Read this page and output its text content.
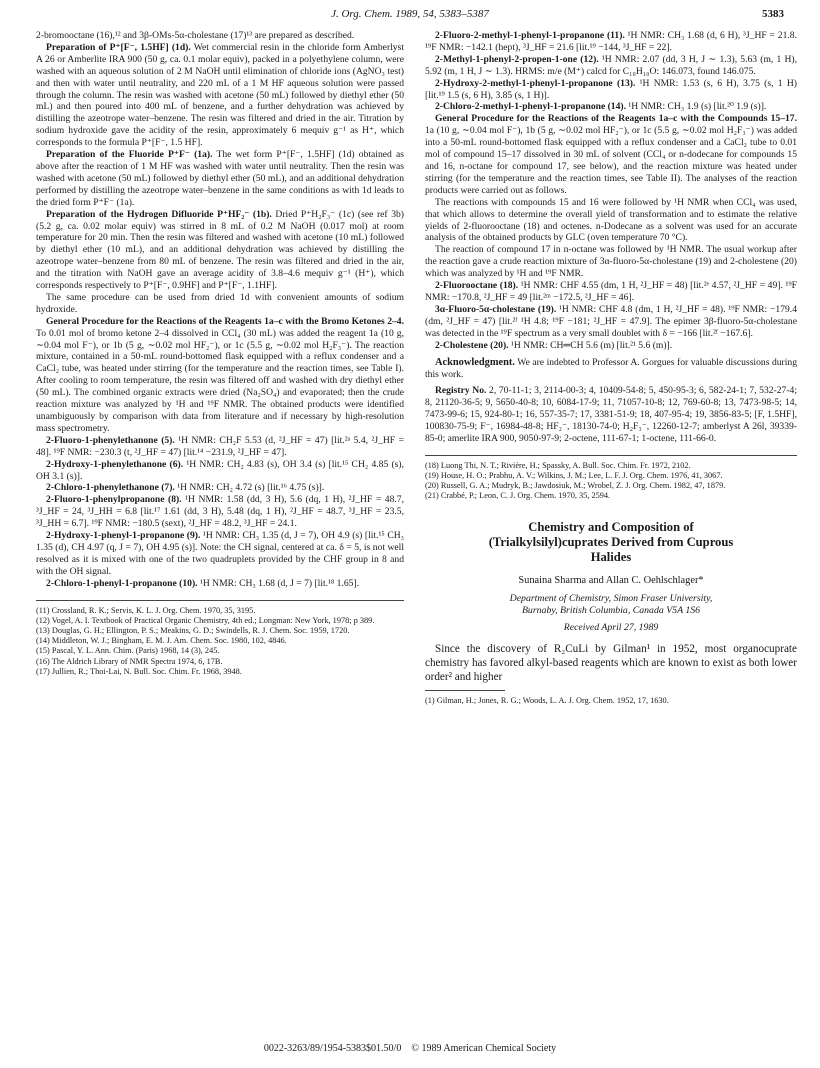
J. Org. Chem. 1989, 54, 5383–5387	5383

2-bromooctane (16),¹² and 3β-OMs-5α-cholestane (17)¹³ are prepared as described.

Preparation of P⁺[F⁻, 1.5HF] (1d). Wet commercial resin in the chloride form Amberlyst A 26 or Amberlite IRA 900 (50 g, ca. 0.1 molar equiv), packed in a polyethylene column, were washed with an aqueous solution of 2 M NaOH until elimination of chloride ions (AgNO₃ test) and then with water until neutrality, and 220 mL of a 1 M HF aqueous solution were passed through the column. The resin was washed with acetone (50 mL) followed by diethyl ether (50 mL) and then poured into 400 mL of benzene, and a further dehydration was achieved by distilling the azeotrope water–benzene. The resin was filtered and dried in the air. Titration by sodium hydroxide gave the acidity of the resin, approximately 6 mequiv g⁻¹ as H⁺, which corresponds to the formula P⁺[F⁻, 1.5 HF].

Preparation of the Fluoride P⁺F⁻ (1a). The wet form P⁺[F⁻, 1.5HF] (1d) obtained as above after the reaction of 1 M HF was washed with water until neutrality. Then the resin was washed with acetone (50 mL) followed by diethyl ether (50 mL), and an additional dehydration performed by distilling the azeotrope water–benzene in the same conditions as with 1d leads to the dried form P⁺F⁻ (1a).

Preparation of the Hydrogen Difluoride P⁺HF₂⁻ (1b). Dried P⁺H₂F₃⁻ (1c) (see ref 3b) (5.2 g, ca. 0.02 molar equiv) was stirred in 8 mL of 0.2 M NaOH (0.017 mol) at room temperature for 20 min. Then the resin was filtered and washed with acetone (10 mL) followed by diethyl ether (10 mL), and an additional dehydration was achieved by distilling the azeotrope water–benzene from 80 mL of benzene. The resin was filtered and dried in the air, and the titration with NaOH gave an average acidity of 3.8–4.6 mequiv g⁻¹ (H⁺), which corresponds respectively to P⁺[F⁻, 0.9HF] and P⁺[F⁻, 1.1HF].

The same procedure can be used from dried 1d with convenient amounts of sodium hydroxide.

General Procedure for the Reactions of the Reagents 1a–c with the Bromo Ketones 2–4. To 0.01 mol of bromo ketone 2–4 dissolved in CCl₄ (30 mL) was added the reagent 1a (10 g, ∼0.04 mol F⁻), or 1b (5 g, ∼0.02 mol HF₂⁻), or 1c (5.5 g, ∼0.02 mol H₂F₃⁻). The reaction mixture, contained in a 50-mL round-bottomed flask equipped with a reflux condenser and a CaCl₂ tube, was heated under stirring (for the temperature and the reaction times, see Table I). After cooling to room temperature, the resin was filtered off and washed with dry diethyl ether (50 mL). The combined organic extracts were dried (Na₂SO₄) and evaporated; then the crude reaction mixture was analyzed by ¹H and ¹⁹F NMR. The obtained products were identified unambiguously by comparison with data from literature and if necessary by high-resolution mass spectrometry.

2-Fluoro-1-phenylethanone (5). ¹H NMR: CH₂F 5.53 (d, ²J_HF = 47) [lit.²ᵃ 5.4, ²J_HF = 48]. ¹⁹F NMR: −230.3 (t, ²J_HF = 47) [lit.¹⁴ −231.9, ²J_HF = 47].

2-Hydroxy-1-phenylethanone (6). ¹H NMR: CH₂ 4.83 (s), OH 3.4 (s) [lit.¹⁵ CH₂ 4.85 (s), OH 3.1 (s)].

2-Chloro-1-phenylethanone (7). ¹H NMR: CH₂ 4.72 (s) [lit.¹⁶ 4.75 (s)].

2-Fluoro-1-phenylpropanone (8). ¹H NMR: 1.58 (dd, 3 H), 5.6 (dq, 1 H), ²J_HF = 48.7, ³J_HF = 24, ³J_HH = 6.8 [lit.¹⁷ 1.61 (dd, 3 H), 5.48 (dq, 1 H), ²J_HF = 48.7, ³J_HF = 23.5, ³J_HH = 6.7]. ¹⁹F NMR: −180.5 (sext), ²J_HF = 48.2, ³J_HF = 24.1.

2-Hydroxy-1-phenyl-1-propanone (9). ¹H NMR: CH₃ 1.35 (d, J = 7), OH 4.9 (s) [lit.¹⁵ CH₃ 1.35 (d), CH 4.97 (q, J = 7), OH 4.95 (s)]. Note: the CH signal, centered at ca. δ = 5, is not well resolved as it is mixed with one of the two quadruplets provided by the CHF group in 8 and with the OH signal.

2-Chloro-1-phenyl-1-propanone (10). ¹H NMR: CH₃ 1.68 (d, J = 7) [lit.¹⁸ 1.65].

(11) Crossland, R. K.; Servis, K. L. J. Org. Chem. 1970, 35, 3195.

(12) Vogel, A. I. Textbook of Practical Organic Chemistry, 4th ed.; Longman: New York, 1978; p 389.

(13) Douglas, G. H.; Ellington, P. S.; Meakins, G. D.; Swindells, R. J. Chem. Soc. 1959, 1720.

(14) Middleton, W. J.; Bingham, E. M. J. Am. Chem. Soc. 1980, 102, 4846.

(15) Pascal, Y. L. Ann. Chim. (Paris) 1968, 14 (3), 245.

(16) The Aldrich Library of NMR Spectra 1974, 6, 17B.

(17) Jullien, R.; Thoi-Lai, N. Bull. Soc. Chim. Fr. 1968, 3948.

2-Fluoro-2-methyl-1-phenyl-1-propanone (11). ¹H NMR: CH₃ 1.68 (d, 6 H), ³J_HF = 21.8. ¹⁹F NMR: −142.1 (hept), ³J_HF = 21.6 [lit.¹⁹ −144, ³J_HF = 22].

2-Methyl-1-phenyl-2-propen-1-one (12). ¹H NMR: 2.07 (dd, 3 H, J ∼ 1.3), 5.63 (m, 1 H), 5.92 (m, 1 H, J ∼ 1.3). HRMS: m/e (M⁺) calcd for C₁₀H₁₀O: 146.073, found 146.075.

2-Hydroxy-2-methyl-1-phenyl-1-propanone (13). ¹H NMR: 1.53 (s, 6 H), 3.75 (s, 1 H) [lit.¹⁹ 1.5 (s, 6 H), 3.85 (s, 1 H)].

2-Chloro-2-methyl-1-phenyl-1-propanone (14). ¹H NMR: CH₃ 1.9 (s) [lit.²⁰ 1.9 (s)].

General Procedure for the Reactions of the Reagents 1a–c with the Compounds 15–17. 1a (10 g, ∼0.04 mol F⁻), 1b (5 g, ∼0.02 mol HF₂⁻), or 1c (5.5 g, ∼0.02 mol H₂F₃⁻) was added into a 50-mL round-bottomed flask equipped with a reflux condenser and a CaCl₂ tube to 0.01 mol of compound 15–17 dissolved in 30 mL of solvent (CCl₄ or n-dodecane for compounds 15 and 16, n-octane for compound 17, see below), and the reaction mixture was heated under stirring (for the temperature and the reaction times, see Table II). The analyses of the reaction products were carried out as follows.

The reactions with compounds 15 and 16 were followed by ¹H NMR when CCl₄ was used, that which allows to determine the overall yield of transformation and to estimate the relative yields of 2-fluorooctane (18) and octenes. n-Dodecane as a solvent was used for an accurate analysis of the obtained products by GLC (oven temperature 70 °C).

The reaction of compound 17 in n-octane was followed by ¹H NMR. The usual workup after the reaction gave a crude reaction mixture of 3α-fluoro-5α-cholestane (19) and 2-cholestene (20) which was analyzed by ¹H and ¹⁹F NMR.

2-Fluorooctane (18). ¹H NMR: CHF 4.55 (dm, 1 H, ²J_HF = 48) [lit.²ᵉ 4.57, ²J_HF = 49]. ¹⁹F NMR: −170.8, ²J_HF = 49 [lit.²ᵐ −172.5, ²J_HF = 46].

3α-Fluoro-5α-cholestane (19). ¹H NMR: CHF 4.8 (dm, 1 H, ²J_HF = 48). ¹⁹F NMR: −179.4 (dm, ²J_HF = 47) [lit.²ᶠ ¹H 4.8; ¹⁹F −181; ²J_HF = 47.9]. The epimer 3β-fluoro-5α-cholestane was detected in the ¹⁹F spectrum as a very small doublet with δ = −166 [lit.²ᶠ −167.6].

2-Cholestene (20). ¹H NMR: CH═CH 5.6 (m) [lit.²¹ 5.6 (m)].

Acknowledgment. We are indebted to Professor A. Gorgues for valuable discussions during this work.

Registry No. 2, 70-11-1; 3, 2114-00-3; 4, 10409-54-8; 5, 450-95-3; 6, 582-24-1; 7, 532-27-4; 8, 21120-36-5; 9, 5650-40-8; 10, 6084-17-9; 11, 71057-10-8; 12, 769-60-8; 13, 7473-98-5; 14, 7473-99-6; 15, 924-80-1; 16, 557-35-7; 17, 3381-51-9; 18, 407-95-4; 19, 3856-83-5; [F, 1.5HF], 100830-75-9; F⁻, 16984-48-8; HF₂⁻, 18130-74-0; H₂F₃⁻, 12260-12-7; amberlyst A 26l, 39339-85-0; amerlite IRA 900, 9050-97-9; 2-octene, 111-67-1; 1-octene, 111-66-0.

(18) Luong Thi, N. T.; Rivière, H.; Spassky, A. Bull. Soc. Chim. Fr. 1972, 2102.

(19) House, H. O.; Prabhu, A. V.; Wilkins, J. M.; Lee, L. F. J. Org. Chem. 1976, 41, 3067.

(20) Russell, G. A.; Mudryk, B.; Jawdosiuk, M.; Wrobel, Z. J. Org. Chem. 1982, 47, 1879.

(21) Crabbé, P.; Leon, C. J. Org. Chem. 1970, 35, 2594.

Chemistry and Composition of
(Trialkylsilyl)cuprates Derived from Cuprous
Halides
Sunaina Sharma and Allan C. Oehlschlager*
Department of Chemistry, Simon Fraser University,
Burnaby, British Columbia, Canada V5A 1S6
Received April 27, 1989

Since the discovery of R₂CuLi by Gilman¹ in 1952, most organocuprate chemistry has favored alkyl-based reagents which are known to exist as both lower order² and higher

(1) Gilman, H.; Jones, R. G.; Woods, L. A. J. Org. Chem. 1952, 17, 1630.

0022-3263/89/1954-5383$01.50/0 © 1989 American Chemical Society
